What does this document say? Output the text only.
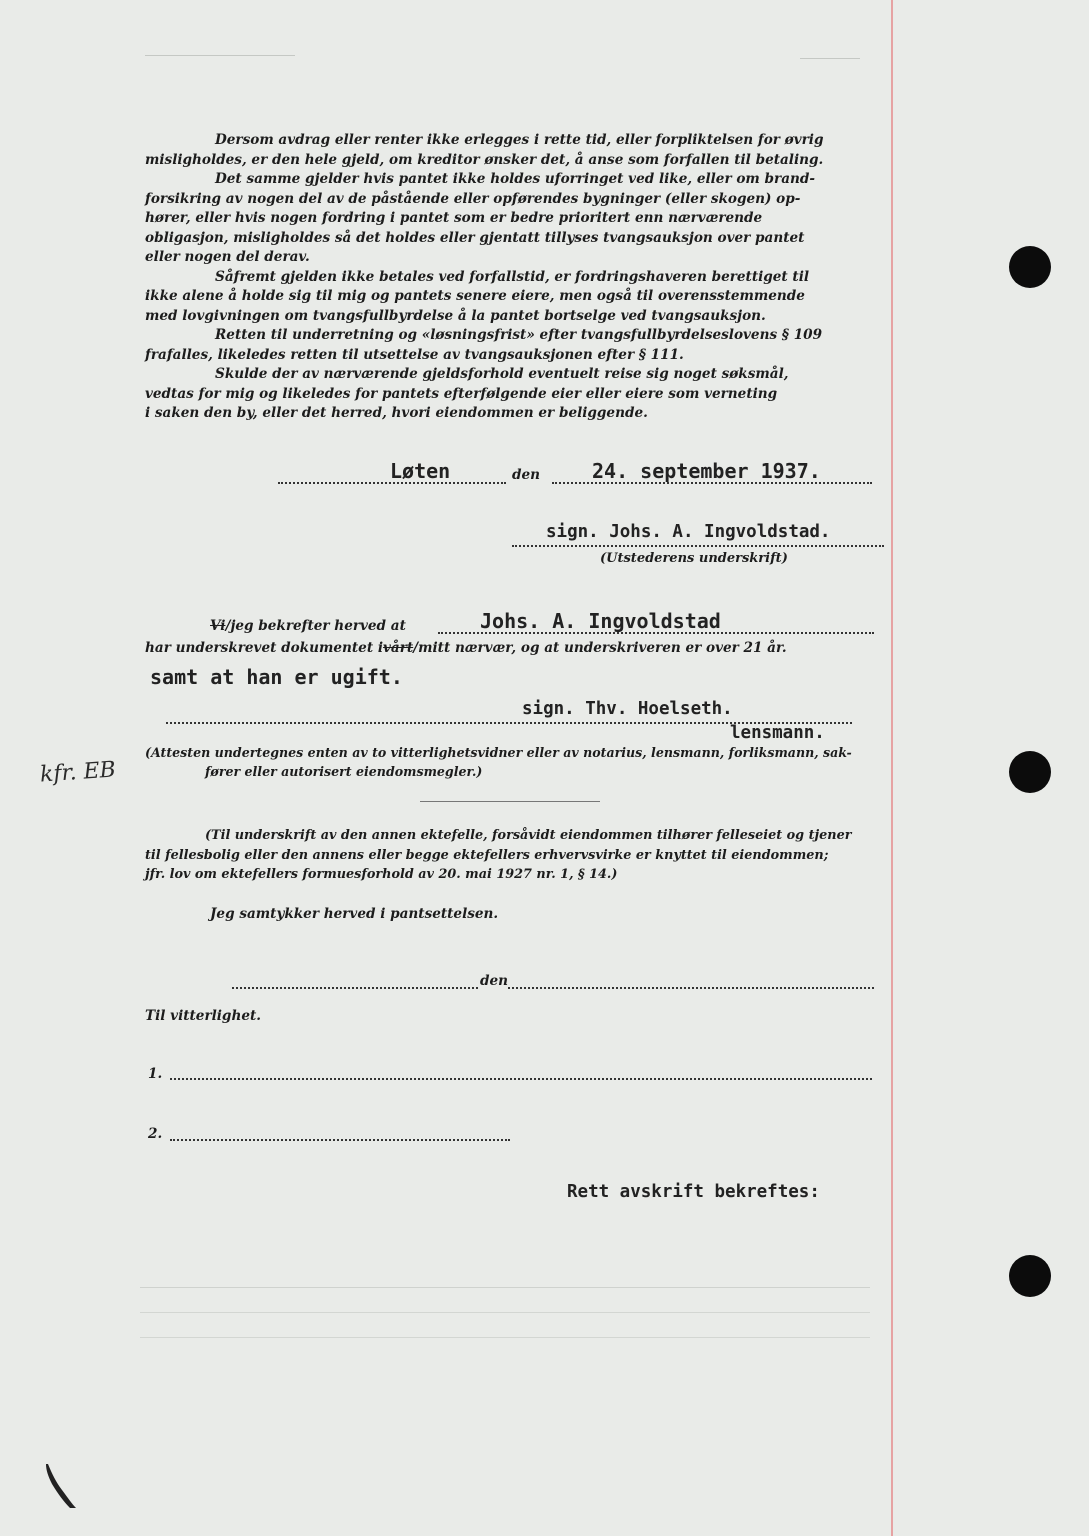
Dersom avdrag eller renter ikke erlegges i rette tid, eller forpliktelsen for øvrig
misligholdes, er den hele gjeld, om kreditor ønsker det, å anse som forfallen til betaling.
Det samme gjelder hvis pantet ikke holdes uforringet ved like, eller om brand-
forsikring av nogen del av de påstående eller opførendes bygninger (eller skogen) op-
hører, eller hvis nogen fordring i pantet som er bedre prioritert enn nærværende
obligasjon, misligholdes så det holdes eller gjentatt tillyses tvangsauksjon over pantet
eller nogen del derav.
Såfremt gjelden ikke betales ved forfallstid, er fordringshaveren berettiget til
ikke alene å holde sig til mig og pantets senere eiere, men også til overensstemmende
med lovgivningen om tvangsfullbyrdelse å la pantet bortselge ved tvangsauksjon.
Retten til underretning og «løsningsfrist» efter tvangsfullbyrdelseslovens § 109
frafalles, likeledes retten til utsettelse av tvangsauksjonen efter § 111.
Skulde der av nærværende gjeldsforhold eventuelt reise sig noget søksmål,
vedtas for mig og likeledes for pantets efterfølgende eier eller eiere som verneting
i saken den by, eller det herred, hvori eiendommen er beliggende.
Løten	den	24. september 1937.
sign. Johs. A. Ingvoldstad.
(Utstederens underskrift)
Vi/jeg bekrefter herved at	Johs. A. Ingvoldstad
har underskrevet dokumentet ivårt/mitt nærvær, og at underskriveren er over 21 år.
samt at han er ugift.
sign. Thv. Hoelseth.
lensmann.
(Attesten undertegnes enten av to vitterlighetsvidner eller av notarius, lensmann, forliksmann, sak-
fører eller autorisert eiendomsmegler.)
kfr. EB
(Til underskrift av den annen ektefelle, forsåvidt eiendommen tilhører felleseiet og tjener
til fellesbolig eller den annens eller begge ektefellers erhvervsvirke er knyttet til eiendommen;
jfr. lov om ektefellers formuesforhold av 20. mai 1927 nr. 1, § 14.)
Jeg samtykker herved i pantsettelsen.
den
Til vitterlighet.
1.
2.
Rett avskrift bekreftes:
